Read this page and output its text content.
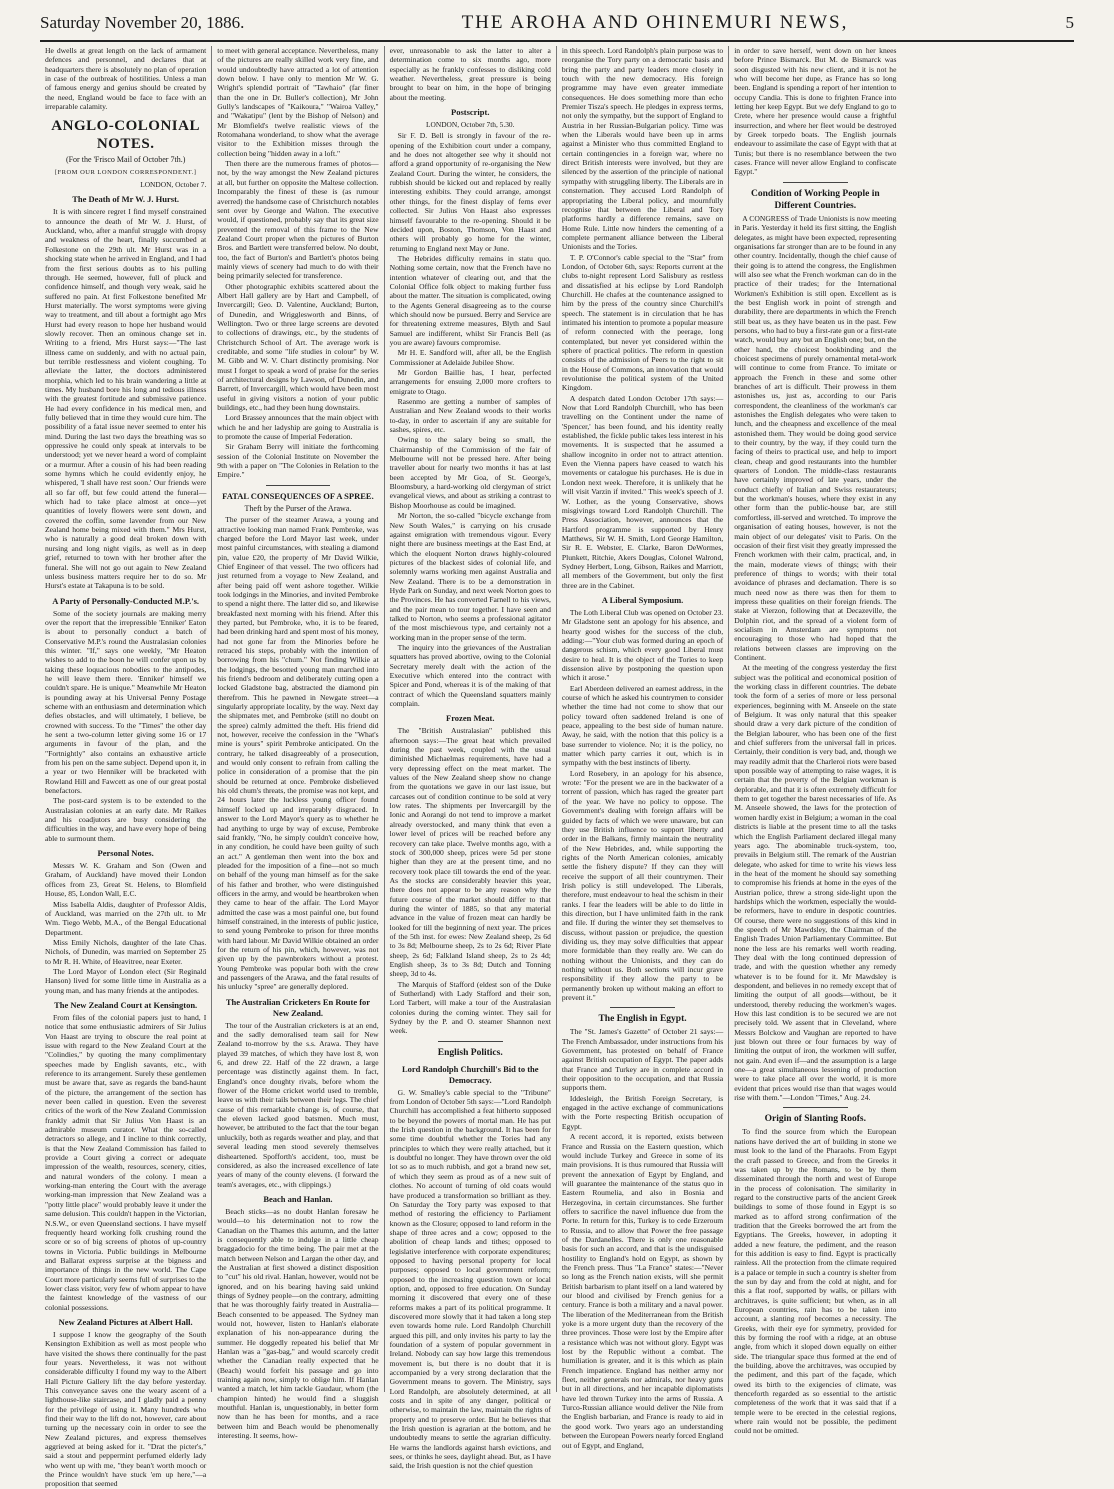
Saturday November 20, 1886.	THE AROHA AND OHINEMURI NEWS,	5

He dwells at great length on the lack of armament defences and personnel, and declares that at headquarters there is absolutely no plan of operation in case of the outbreak of hostilities. Unless a man of famous energy and genius should be created by the need, England would be face to face with an irreparable calamity.

ANGLO-COLONIAL NOTES.
(For the 'Frisco Mail of October 7th.)
[FROM OUR LONDON CORRESPONDENT.]
LONDON, October 7.
The Death of Mr W. J. Hurst.

It is with sincere regret I find myself constrained to announce the death of Mr W. J. Hurst, of Auckland, who, after a manful struggle with dropsy and weakness of the heart, finally succumbed at Folkestone on the 29th ult. Mr Hurst was in a shocking state when he arrived in England, and I had from the first serious doubts as to his pulling through. He seemed, however, full of pluck and confidence himself, and though very weak, said he suffered no pain. At first Folkestone benefited Mr Hurst materially. The worst symptoms were giving way to treatment, and till about a fortnight ago Mrs Hurst had every reason to hope her husband would slowly recover. Then an ominous change set in. Writing to a friend, Mrs Hurst says:—"The last illness came on suddenly, and with no actual pain, but terrible restlessness and violent coughing. To alleviate the latter, the doctors administered morphia, which led to his brain wandering a little at times. My husband bore his long and tedious illness with the greatest fortitude and submissive patience. He had every confidence in his medical men, and fully believed that in time they would cure him. The possibility of a fatal issue never seemed to enter his mind. During the last two days the breathing was so oppressive he could only speak at intervals to be understood; yet we never heard a word of complaint or a murmur. After a cousin of his had been reading some hymns which he could evidently enjoy, he whispered, 'I shall have rest soon.' Our friends were all so far off, but few could attend the funeral—which had to take place almost at once—yet quantities of lovely flowers were sent down, and covered the coffin, some lavender from our New Zealand home being mixed with them." Mrs Hurst, who is naturally a good deal broken down with nursing and long night vigils, as well as in deep grief, returned to town with her brother after the funeral. She will not go out again to New Zealand unless business matters require her to do so. Mr Hurst's estate at Takapuna is to be sold.

A Party of Personally-Conducted M.P.'s.

Some of the society journals are making merry over the report that the irrepressible 'Enniker' Eaton is about to personally conduct a batch of Conservative M.P.'s round the Australasian colonies this winter. "If," says one weekly, "Mr Heaton wishes to add to the boon he will confer upon us by taking these loquacious nobodies to the antipodes, he will leave them there. 'Enniker' himself we couldn't spare. He is unique." Meanwhile Mr Heaton is pounding away at his Universal Penny Postage scheme with an enthusiasm and determination which defies obstacles, and will ultimately, I believe, be crowned with success. To the "Times" the other day he sent a two-column letter giving some 16 or 17 arguments in favour of the plan, and the "Fortnightly" also contains an exhaustive article from his pen on the same subject. Depend upon it, in a year or two Henniker will be bracketed with Rowland Hill and Fawcett as one of our great postal benefactors.

The post-card system is to be extended to the Australasian colonies at an early date. Mr Raikes and his coadjutors are busy considering the difficulties in the way, and have every hope of being able to surmount them.

Personal Notes.

Messrs W. K. Graham and Son (Owen and Graham, of Auckland) have moved their London offices from 23, Great St. Helens, to Blomfield House, 85, London Wall, E.C.

Miss Isabella Aldis, daughter of Professor Aldis, of Auckland, was married on the 27th ult. to Mr Wm. Tiego Webb, M.A., of the Bengal Educational Department.

Miss Emily Nichols, daughter of the late Chas. Nichols, of Dunedin, was married on September 25 to Mr R. H. White, of Heavitree, near Exeter.

The Lord Mayor of London elect (Sir Reginald Hanson) lived for some little time in Australia as a young man, and has many friends at the antipodes.

The New Zealand Court at Kensington.

From files of the colonial papers just to hand, I notice that some enthusiastic admirers of Sir Julius Von Haast are trying to obscure the real point at issue with regard to the New Zealand Court at the "Colindies," by quoting the many complimentary speeches made by English savants, etc., with reference to its arrangement. Surely these gentlemen must be aware that, save as regards the band-haunt of the picture, the arrangement of the section has never been called in question. Even the severest critics of the work of the New Zealand Commission frankly admit that Sir Julius Von Haast is an admirable museum curator. What the so-called detractors so allege, and I incline to think correctly, is that the New Zealand Commission has failed to provide a Court giving a correct or adequate impression of the wealth, resources, scenery, cities, and natural wonders of the colony. I mean a working-man entering the Court with the average working-man impression that New Zealand was a "potty little place" would probably leave it under the same delusion. This couldn't happen in the Victorian, N.S.W., or even Queensland sections. I have myself frequently heard working folk crushing round the score or so of big screens of photos of up-country towns in Victoria. Public buildings in Melbourne and Ballarat express surprise at the bigness and importance of things in the new world. The Cape Court more particularly seems full of surprises to the lower class visitor, very few of whom appear to have the faintest knowledge of the vastness of our colonial possessions.

New Zealand Pictures at Albert Hall.

I suppose I know the geography of the South Kensington Exhibition as well as most people who have visited the shows there continually for the past four years. Nevertheless, it was not without considerable difficulty I found my way to the Albert Hall Picture Gallery lift the day before yesterday. This conveyance saves one the weary ascent of a lighthouse-like staircase, and I gladly paid a penny for the privilege of using it. Many hundreds who find their way to the lift do not, however, care about turning up the necessary coin in order to see the New Zealand pictures, and express themselves aggrieved at being asked for it. "Drat the picter's," said a stout and peppermint perfumed elderly lady who went up with me, "they bean't worth mooch or the Prince wouldn't have stuck 'em up here,"—a proposition that seemed

to meet with general acceptance. Nevertheless, many of the pictures are really skilled work very fine, and would undoubtedly have attracted a lot of attention down below. I have only to mention Mr W. G. Wright's splendid portrait of "Tawhaio" (far finer than the one in Dr. Buller's collection), Mr John Gully's landscapes of "Kaikoura," "Wairoa Valley," and "Wakatipu" (lent by the Bishop of Nelson) and Mr Blomfield's twelve realistic views of the Rotomahana wonderland, to show what the average visitor to the Exhibition misses through the collection being "hidden away in a loft."

Then there are the numerous frames of photos—not, by the way amongst the New Zealand pictures at all, but further on opposite the Maltese collection. Incomparably the finest of these is (as rumour averred) the handsome case of Christchurch notables sent over by George and Walton. The executive would, if questioned, probably say that its great size prevented the removal of this frame to the New Zealand Court proper when the pictures of Burton Bros. and Bartlett were transferred below. No doubt, too, the fact of Burton's and Bartlett's photos being mainly views of scenery had much to do with their being primarily selected for transference.

Other photographic exhibits scattered about the Albert Hall gallery are by Hart and Campbell, of Invercargill; Geo. D. Valentine, Auckland; Burton, of Dunedin, and Wrigglesworth and Binns, of Wellington. Two or three large screens are devoted to collections of drawings, etc., by the students of Christchurch School of Art. The average work is creditable, and some "life studies in colour" by W. M. Gibb and W. V. Chart distinctly promising. Nor must I forget to speak a word of praise for the series of architectural designs by Lawson, of Dunedin, and Barrett, of Invercargill, which would have been most useful in giving visitors a notion of your public buildings, etc., had they been hung downstairs.

Lord Brassey announces that the main object with which he and her ladyship are going to Australia is to promote the cause of Imperial Federation.

Sir Graham Berry will initiate the forthcoming session of the Colonial Institute on November the 9th with a paper on "The Colonies in Relation to the Empire."

FATAL CONSEQUENCES OF A SPREE.
Theft by the Purser of the Arawa.

The purser of the steamer Arawa, a young and attractive looking man named Frank Pembroke, was charged before the Lord Mayor last week, under most painful circumstances, with stealing a diamond pin, value £20, the property of Mr David Wilkie, Chief Engineer of that vessel. The two officers had just returned from a voyage to New Zealand, and after being paid off went ashore together. Wilkie took lodgings in the Minories, and invited Pembroke to spend a night there. The latter did so, and likewise breakfasted next morning with his friend. After this they parted, but Pembroke, who, it is to be feared, had been drinking hard and spent most of his money, had not gone far from the Minories before he retraced his steps, probably with the intention of borrowing from his "chum." Not finding Wilkie at the lodgings, the besotted young man marched into his friend's bedroom and deliberately cutting open a locked Gladstone bag, abstracted the diamond pin therefrom. This he pawned in Newgate street—a singularly appropriate locality, by the way. Next day the shipmates met, and Pembroke (still no doubt on the spree) calmly admitted the theft. His friend did not, however, receive the confession in the "What's mine is yours" spirit Pembroke anticipated. On the contrary, he talked disagreeably of a prosecution, and would only consent to refrain from calling the police in consideration of a promise that the pin should be returned at once. Pembroke disbelieved his old chum's threats, the promise was not kept, and 24 hours later the luckless young officer found himself locked up and irreparably disgraced. In answer to the Lord Mayor's query as to whether he had anything to urge by way of excuse, Pembroke said frankly, "No, he simply couldn't conceive how, in any condition, he could have been guilty of such an act." A gentleman then went into the box and pleaded for the imposition of a fine—not so much on behalf of the young man himself as for the sake of his father and brother, who were distinguished officers in the army, and would be heartbroken when they came to hear of the affair. The Lord Mayor admitted the case was a most painful one, but found himself constrained, in the interests of public justice, to send young Pembroke to prison for three months with hard labour. Mr David Wilkie obtained an order for the return of his pin, which, however, was not given up by the pawnbrokers without a protest. Young Pembroke was popular both with the crew and passengers of the Arawa, and the fatal results of his unlucky "spree" are generally deplored.

The Australian Cricketers En Route for New Zealand.

The tour of the Australian cricketers is at an end, and the sadly demoralised team sail for New Zealand to-morrow by the s.s. Arawa. They have played 39 matches, of which they have lost 8, won 6, and drew 22. Half of the 22 drawn, a large percentage was distinctly against them. In fact, England's once doughty rivals, before whom the flower of the Home cricket world used to tremble, leave us with their tails between their legs. The chief cause of this remarkable change is, of course, that the eleven lacked good batsmen. Much must, however, be attributed to the fact that the tour began unluckily, both as regards weather and play, and that several leading men stood severely themselves disheartened. Spofforth's accident, too, must be considered, as also the increased excellence of late years of many of the county elevens. (I forward the team's averages, etc., with clippings.)

Beach and Hanlan.

Beach sticks—as no doubt Hanlan foresaw he would—to his determination not to row the Canadian on the Thames this autumn, and the latter is consequently able to indulge in a little cheap braggadocio for the time being. The pair met at the match between Nelson and Largan the other day, and the Australian at first showed a distinct disposition to "cut" his old rival. Hanlan, however, would not be ignored, and on his bearing having said unkind things of Sydney people—on the contrary, admitting that he was thoroughly fairly treated in Australia—Beach consented to be appeased. The Sydney man would not, however, listen to Hanlan's elaborate explanation of his non-appearance during the summer. He doggedly repeated his belief that Mr Hanlan was a "gas-bag," and would scarcely credit whether the Canadian really expected that he (Beach) would forfeit his passage and go into training again now, simply to oblige him. If Hanlan wanted a match, let him tackle Gaudaur, whom (the champion hinted) he would find a sluggish mouthful. Hanlan is, unquestionably, in better form now than he has been for months, and a race between him and Beach would be phenomenally interesting. It seems, how-

ever, unreasonable to ask the latter to alter a determination come to six months ago, more especially as he frankly confesses to disliking cold weather. Nevertheless, great pressure is being brought to bear on him, in the hope of bringing about the meeting.

Postscript.
LONDON, October 7th, 5.30.

Sir F. D. Bell is strongly in favour of the re-opening of the Exhibition court under a company, and he does not altogether see why it should not afford a grand opportunity of re-organising the New Zealand Court. During the winter, he considers, the rubbish should be kicked out and replaced by really interesting exhibits. They could arrange, amongst other things, for the finest display of ferns ever collected. Sir Julius Von Haast also expresses himself favourable to the re-opening. Should it be decided upon, Boston, Thomson, Von Haast and others will probably go home for the winter, returning to England next May or June.

The Hebrides difficulty remains in statu quo. Nothing some certain, now that the French have no intention whatever of clearing out, and that the Colonial Office folk object to making further fuss about the matter. The situation is complicated, owing to the Agents General disagreeing as to the course which should now be pursued. Berry and Service are for threatening extreme measures, Blyth and Saul Samuel are indifferent, whilst Sir Francis Bell (as you are aware) favours compromise.

Mr H. E. Sandford will, after all, be the English Commissioner at Adelaide Jubilee Show.

Mr Gordon Baillie has, I hear, perfected arrangements for ensuing 2,000 more crofters to emigrate to Otago.

Rasenmo are getting a number of samples of Australian and New Zealand woods to their works to-day, in order to ascertain if any are suitable for sashes, spires, etc.

Owing to the salary being so small, the Chairmanship of the Commission of the fair of Melbourne will not be pressed here. After being traveller about for nearly two months it has at last been accepted by Mr Goa, of St. George's, Bloomsbury, a hard-working old clergyman of strict evangelical views, and about as striking a contrast to Bishop Moorhouse as could be imagined.

Mr Norton, the so-called "bicycle exchange from New South Wales," is carrying on his crusade against emigration with tremendous vigour. Every night there are business meetings at the East End, at which the eloquent Norton draws highly-coloured pictures of the blackest sides of colonial life, and solemnly warns working men against Australia and New Zealand. There is to be a demonstration in Hyde Park on Sunday, and next week Norton goes to the Provinces. He has converted Farnell to his views, and the pair mean to tour together. I have seen and talked to Norton, who seems a professional agitator of the most mischievous type, and certainly not a working man in the proper sense of the term.

The inquiry into the grievances of the Australian squatters has proved abortive, owing to the Colonial Secretary merely dealt with the action of the Executive which entered into the contract with Spicer and Pond, whereas it is of the making of that contract of which the Queensland squatters mainly complain.

Frozen Meat.

The "British Australasian" published this afternoon says:—The great heat which prevailed during the past week, coupled with the usual diminished Michaelmas requirements, have had a very depressing effect on the meat market. The values of the New Zealand sheep show no change from the quotations we gave in our last issue, but carcases out of condition continue to be sold at very low rates. The shipments per Invercargill by the Ionic and Aorangi do not tend to improve a market already overstocked, and many think that even a lower level of prices will be reached before any recovery can take place. Twelve months ago, with a stock of 300,000 sheep, prices were 5d per stone higher than they are at the present time, and no recovery took place till towards the end of the year. As the stocks are considerably heavier this year, there does not appear to be any reason why the future course of the market should differ to that during the winter of 1885, so that any material advance in the value of frozen meat can hardly be looked for till the beginning of next year. The prices of the 5th inst. for ewes: New Zealand sheep, 2s 6d to 3s 8d; Melbourne sheep, 2s to 2s 6d; River Plate sheep, 2s 6d; Falkland Island sheep, 2s to 2s 4d; English sheep, 3s to 3s 8d; Dutch and Tonning sheep, 3d to 4s.

The Marquis of Stafford (eldest son of the Duke of Sutherland) with Lady Stafford and their son, Lord Tarbert, will make a tour of the Australasian colonies during the coming winter. They sail for Sydney by the P. and O. steamer Shannon next week.

English Politics.
Lord Randolph Churchill's Bid to the Democracy.

G. W. Smalley's cable special to the "Tribune" from London of October 5th says:—"Lord Randolph Churchill has accomplished a feat hitherto supposed to be beyond the powers of mortal man. He has put the Irish question in the background. It has been for some time doubtful whether the Tories had any principles to which they were really attached, but it is doubtful no longer. They have thrown over the old lot so as to much rubbish, and got a brand new set, of which they seem as proud as of a new suit of clothes. No account of turning of old coats would have produced a transformation so brilliant as they. On Saturday the Tory party was exposed to that method of restoring the efficiency to Parliament known as the Closure; opposed to land reform in the shape of three acres and a cow; opposed to the abolition of cheap lands and tithes; opposed to legislative interference with corporate expenditures; opposed to having personal property for local purposes; opposed to local government reform; opposed to the increasing question town or local option, and, opposed to free education. On Sunday morning it discovered that every one of these reforms makes a part of its political programme. It discovered more slowly that it had taken a long step even towards home rule. Lord Randolph Churchill argued this pill, and only invites his party to lay the foundation of a system of popular government in Ireland. Nobody can say how large this tremendous movement is, but there is no doubt that it is accompanied by a very strong declaration that the Government means to govern. The Ministry, says Lord Randolph, are absolutely determined, at all costs and in spite of any danger, political or otherwise, to maintain the law, maintain the rights of property and to preserve order. But he believes that the Irish question is agrarian at the bottom, and he undoubtedly means to settle the agrarian difficulty. He warns the landlords against harsh evictions, and sees, or thinks he sees, daylight ahead. But, as I have said, the Irish question is not the chief question

in this speech. Lord Randolph's plain purpose was to reorganise the Tory party on a democratic basis and bring the party and party leaders more closely in touch with the new democracy. His foreign programme may have even greater immediate consequences. He does something more than echo Premier Tisza's speech. He pledges in express terms, not only the sympathy, but the support of England to Austria in her Russian-Bulgarian policy. Time was when the Liberals would have been up in arms against a Minister who thus committed England to certain contingencies in a foreign war, where no direct British interests were involved, but they are silenced by the assertion of the principle of national sympathy with struggling liberty. The Liberals are in consternation. They accused Lord Randolph of appropriating the Liberal policy, and mournfully recognise that between the Liberal and Tory platforms hardly a difference remains, save on Home Rule. Little now hinders the cementing of a complete permanent alliance between the Liberal Unionists and the Tories.

T. P. O'Connor's cable special to the "Star" from London, of October 6th, says: Reports current at the clubs to-night represent Lord Salisbury as restless and dissatisfied at his eclipse by Lord Randolph Churchill. He chafes at the countenance assigned to him by the press of the country since Churchill's speech. The statement is in circulation that he has intimated his intention to promote a popular measure of reform connected with the peerage, long contemplated, but never yet considered within the sphere of practical politics. The reform in question consists of the admission of Peers to the right to sit in the House of Commons, an innovation that would revolutionise the political system of the United Kingdom.

A despatch dated London October 17th says:—Now that Lord Randolph Churchill, who has been travelling on the Continent under the name of 'Spencer,' has been found, and his identity really established, the fickle public takes less interest in his movements. It is suspected that he assumed a shallow incognito in order not to attract attention. Even the Vienna papers have ceased to watch his movements or catalogue his purchases. He is due in London next week. Therefore, it is unlikely that he will visit Varzin if invited." This week's speech of J. W. Lother, as the young Conservative, shows misgivings toward Lord Randolph Churchill. The Press Association, however, announces that the Hartford programme is supported by Henry Matthews, Sir W. H. Smith, Lord George Hamilton, Sir R. E. Webster, E. Clarke, Baron DeWormes, Plunkett, Ritchie, Akers Douglas, Colonel Walrond, Sydney Herbert, Long, Gibson, Raikes and Marriott, all members of the Government, but only the first three are in the Cabinet.

A Liberal Symposium.

The Loth Liberal Club was opened on October 23. Mr Gladstone sent an apology for his absence, and hearty good wishes for the success of the club, adding:—"Your club was formed during an epoch of dangerous schism, which every good Liberal must desire to heal. It is the object of the Tories to keep dissension alive by postponing the question upon which it arose."

Earl Aberdeen delivered an earnest address, in the course of which he asked his countrymen to consider whether the time had not come to show that our policy toward often saddened Ireland is one of peace, appealing to the best side of human nature. Away, he said, with the notion that this policy is a base surrender to violence. No; it is the policy, no matter which party carries it out, which is in sympathy with the best instincts of liberty.

Lord Rosebery, in an apology for his absence, wrote: "For the present we are in the backwater of a torrent of passion, which has raged the greater part of the year. We have no policy to oppose. The Government's dealing with foreign affairs will be guided by facts of which we were unaware, but can they use British influence to support liberty and order in the Balkans, firmly maintain the neutrality of the New Hebrides, and, while supporting the rights of the North American colonies, amicably settle the fishery dispute? If they can they will receive the support of all their countrymen. Their Irish policy is still undeveloped. The Liberals, therefore, must endeavour to heal the schism in their ranks. I fear the leaders will be able to do little in this direction, but I have unlimited faith in the rank and file. If during the winter they set themselves to discuss, without passion or prejudice, the question dividing us, they may solve difficulties that appear more formidable than they really are. We can do nothing without the Unionists, and they can do nothing without us. Both sections will incur grave responsibility if they allow the party to be permanently broken up without making an effort to prevent it."

The English in Egypt.

The "St. James's Gazette" of October 21 says:—The French Ambassador, under instructions from his Government, has protested on behalf of France against British occupation of Egypt. The paper adds that France and Turkey are in complete accord in their opposition to the occupation, and that Russia supports them.

Iddesleigh, the British Foreign Secretary, is engaged in the active exchange of communications with the Porte respecting British occupation of Egypt.

A recent accord, it is reported, exists between France and Russia on the Eastern question, which would include Turkey and Greece in some of its main provisions. It is thus rumoured that Russia will prevent the annexation of Egypt by England, and will guarantee the maintenance of the status quo in Eastern Roumelia, and also in Bosnia and Herzegovina, in certain circumstances. She further offers to sacrifice the navel influence due from the Porte. In return for this, Turkey is to cede Erzeroum to Russia, and to allow that Power the free passage of the Dardanelles. There is only one reasonable basis for such an accord, and that is the undisguised hostility to England's hold on Egypt, as shown by the French press. Thus "La France" states:—"Never so long as the French nation exists, will she permit British barbarism to plant itself on a land watered by our blood and civilised by French genius for a century. France is both a military and a naval power. The liberation of the Mediterranean from the British yoke is a more urgent duty than the recovery of the three provinces. Those were lost by the Empire after a resistance which was not without glory. Egypt was lost by the Republic without a combat. The humiliation is greater, and it is this which as plain French impatience. England has neither army nor fleet, neither generals nor admirals, nor heavy guns but in all directions, and her incapable diplomatists have led thrown Turkey into the arms of Russia. A Turco-Russian alliance would deliver the Nile from the English barbarian, and France is ready to aid in the good work. Two years ago an understanding between the European Powers nearly forced England out of Egypt, and England,

in order to save herself, went down on her knees before Prince Bismarck. But M. de Bismarck was soon disgusted with his new client, and it is not he who will become her dupe, as France has so long been. England is spending a report of her intention to occupy Candia. This is done to frighten France into letting her keep Egypt. But we defy England to go to Crete, where her presence would cause a frightful insurrection, and where her fleet would be destroyed by Greek torpedo boats. The English journals endeavour to assimilate the case of Egypt with that at Tunis; but there is no resemblance between the two cases. France will never allow England to confiscate Egypt."

Condition of Working People in Different Countries.

A CONGRESS of Trade Unionists is now meeting in Paris. Yesterday it held its first sitting, the English delegates, as might have been expected, representing organisations far stronger than are to be found in any other country. Incidentally, though the chief cause of their going is to attend the congress, the Englishmen will also see what the French workman can do in the practice of their trades; for the International Workmen's Exhibition is still open. Excellent as is the best English work in point of strength and durability, there are departments in which the French still beat us, as they have beaten us in the past. Few persons, who had to buy a first-rate gun or a first-rate watch, would buy any but an English one; but, on the other hand, the choicest bookbinding and the choicest specimens of purely ornamental metal-work will continue to come from France. To imitate or approach the French in these and some other branches of art is difficult. Their prowess in them astonishes us, just as, according to our Paris correspondent, the cleanliness of the workman's car astonishes the English delegates who were taken to lunch, and the cheapness and excellence of the meal astonished them. They would be doing good service to their country, by the way, if they could turn the facing of theirs to practical use, and help to import clean, cheap and good restaurants into the humbler quarters of London. The middle-class restaurants have certainly improved of late years, under the conduct chiefly of Italian and Swiss restaurateurs; but the workman's houses, where they exist in any other form than the public-house bar, are still comfortless, ill-served and wretched. To improve the organisation of eating houses, however, is not the main object of our delegates' visit to Paris. On the occasion of their first visit they greatly impressed the French workmen with their calm, practical, and, in the main, moderate views of things; with their preference of things to words; with their total avoidance of phrases and declamation. There is so much need now as there was then for them to impress these qualities on their foreign friends. The stake at Vierzon, following that at Decazeville, the Dolphin riot, and the spread of a violent form of socialism in Amsterdam are symptoms not encouraging to those who had hoped that the relations between classes are improving on the Continent.

At the meeting of the congress yesterday the first subject was the political and economical position of the working class in different countries. The debate took the form of a series of more or less personal experiences, beginning with M. Anseele on the state of Belgium. It was only natural that this speaker should draw a very dark picture of the condition of the Belgian labourer, who has been one of the first and chief sufferers from the universal fall in prices. Certainly, their condition is very bad, and, though we may readily admit that the Charleroi riots were based upon possible way of attempting to raise wages, it is certain that the poverty of the Belgian workman is deplorable, and that it is often extremely difficult for them to get together the barest necessaries of life. As M. Anseele showed, the laws for the protection of women hardly exist in Belgium; a woman in the coal districts is liable at the present time to all the tasks which the English Parliament declared illegal many years ago. The abominable truck-system, too, prevails in Belgium still. The remark of the Austrian delegate, who asked for time to write his views less in the heat of the moment he should say something to compromise his friends at home in the eyes of the Austrian police, threw a strong side-light upon the hardships which the workmen, especially the would-be reformers, have to endure in despotic countries. Of course, there were no suggestions of this kind in the speech of Mr Mawdsley, the Chairman of the English Trades Union Parliamentary Committee. But none the less are his remarks well worth reading. They deal with the long continued depression of trade, and with the question whether any remedy whatever is to be found for it. Mr Mawdsley is despondent, and believes in no remedy except that of limiting the output of all goods—without, be it understood, thereby reducing the workmen's wages. How this last condition is to be secured we are not precisely told. We assent that in Cleveland, where Messrs Bolckow and Vaughan are reported to have just blown out three or four furnaces by way of limiting the output of iron, the workmen will suffer, not gain. And even if—and the assumption is a large one—a great simultaneous lessening of production were to take place all over the world, it is more evident that prices would rise than that wages would rise with them."—London "Times," Aug. 24.

Origin of Slanting Roofs.

To find the source from which the European nations have derived the art of building in stone we must look to the land of the Pharaohs. From Egypt the craft passed to Greece, and from the Greeks it was taken up by the Romans, to be by them disseminated through the north and west of Europe in the process of colonisation. The similarity in regard to the constructive parts of the ancient Greek buildings to some of those found in Egypt is so marked as to afford strong confirmation of the tradition that the Greeks borrowed the art from the Egyptians. The Greeks, however, in adopting it added a new feature, the pediment, and the reason for this addition is easy to find. Egypt is practically rainless. All the protection from the climate required is a palace or temple in such a country is shelter from the sun by day and from the cold at night, and for this a flat roof, supported by walls, or pillars with architraves, is quite sufficient; but when, as in all European countries, rain has to be taken into account, a slanting roof becomes a necessity. The Greeks, with their eye for symmetry, provided for this by forming the roof with a ridge, at an obtuse angle, from which it sloped down equally on either side. The triangular space thus formed at the end of the building, above the architraves, was occupied by the pediment, and this part of the façade, which owed its birth to the exigencies of climate, was thenceforth regarded as so essential to the artistic completeness of the work that it was said that if a temple were to be erected in the celestial regions, where rain would not be possible, the pediment could not be omitted.
